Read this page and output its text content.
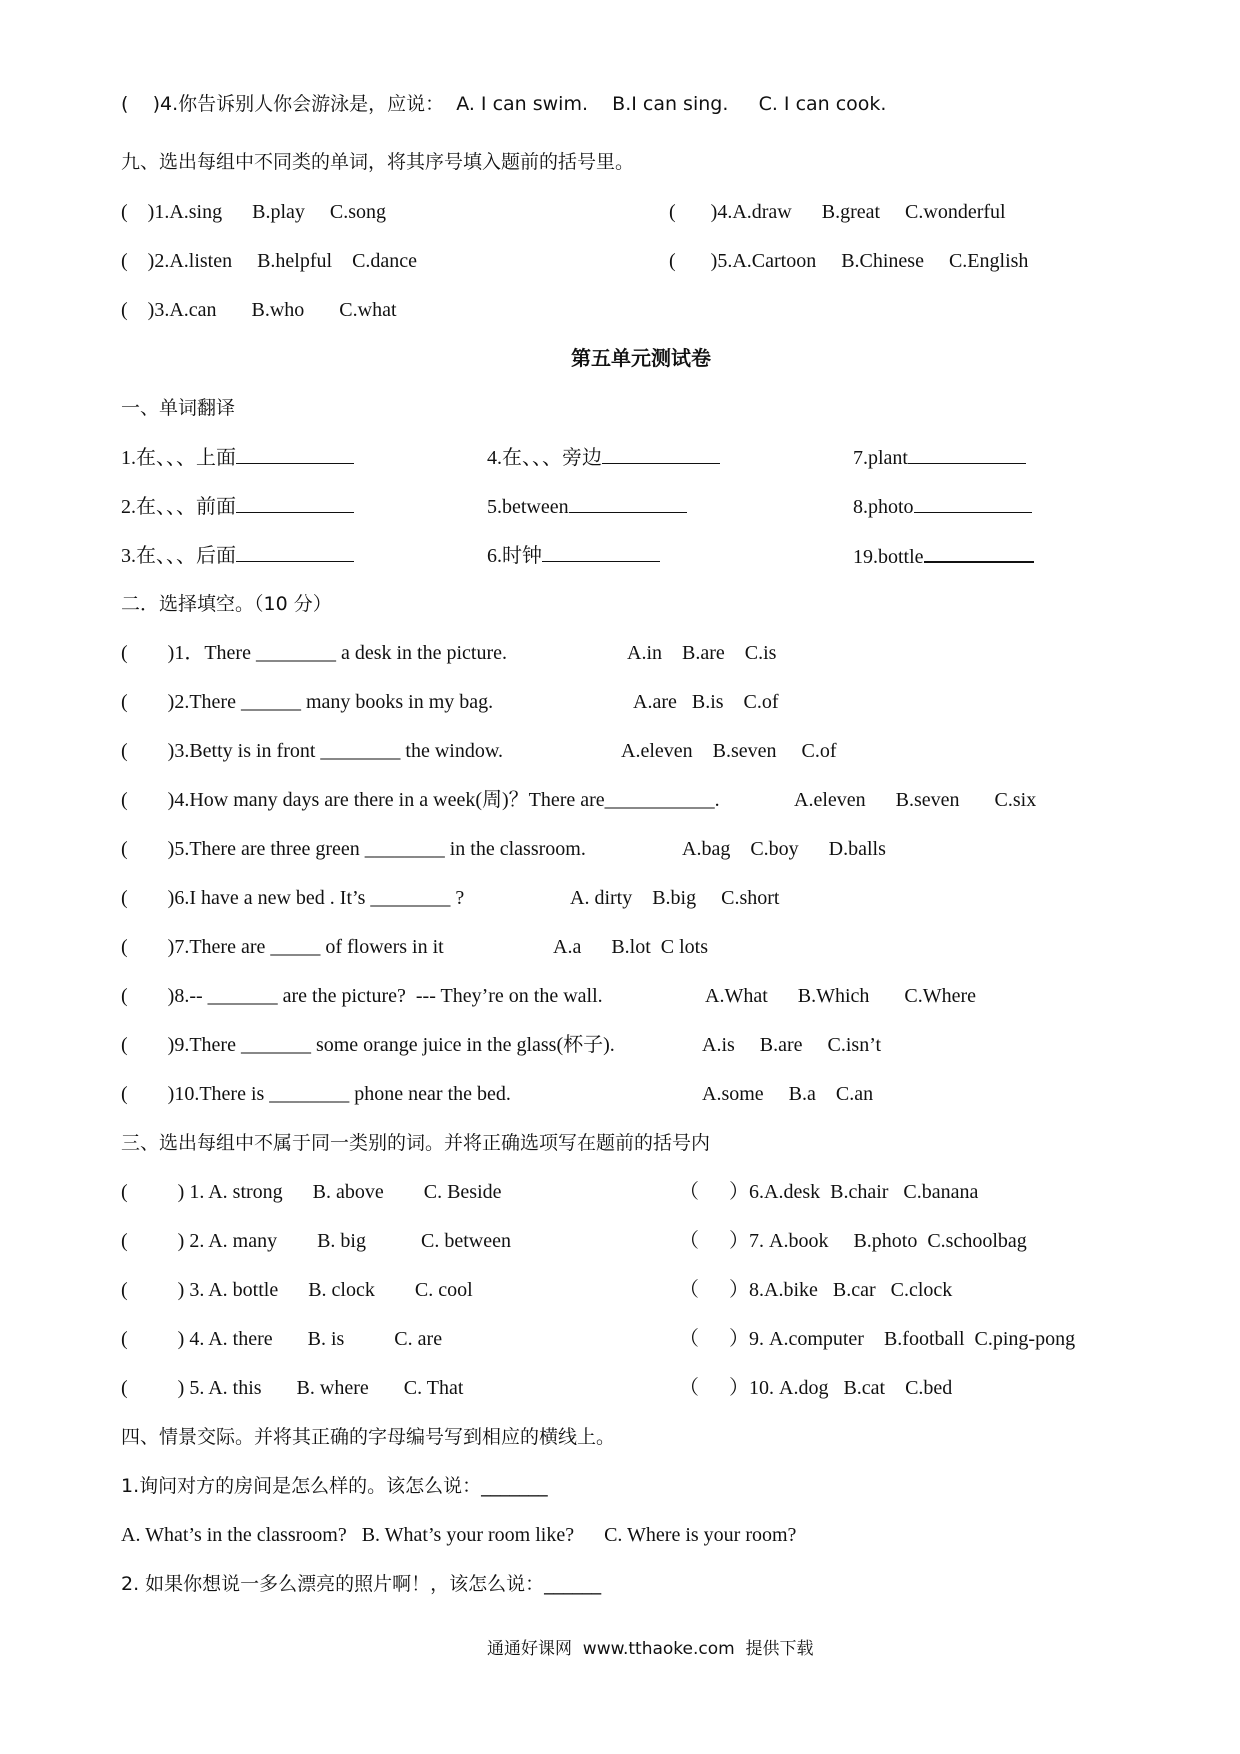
(    )4.你告诉别人你会游泳是，应说：  A. I can swim.    B.I can sing.     C. I can cook.
九、选出每组中不同类的单词，将其序号填入题前的括号里。
(    )1.A.sing      B.play     C.song
(    )2.A.listen     B.helpful    C.dance
(    )3.A.can       B.who       C.what
(       )4.A.draw      B.great     C.wonderful
(       )5.A.Cartoon     B.Chinese     C.English
第五单元测试卷
一、单词翻译
1.在、、、上面
2.在、、、前面
3.在、、、后面
4.在、、、旁边
5.between
6.时钟
7.plant
8.photo
19.bottle
二．选择填空。（10 分）
(        )1．There ________ a desk in the picture.	A.in    B.are    C.is
(        )2.There ______ many books in my bag.	A.are   B.is    C.of
(        )3.Betty is in front ________ the window.	A.eleven    B.seven     C.of
(        )4.How many days are there in a week(周)？There are___________.	A.eleven      B.seven       C.six
(        )5.There are three green ________ in the classroom.	A.bag    C.boy      D.balls
(        )6.I have a new bed . It’s ________ ?	A. dirty    B.big     C.short
(        )7.There are _____ of flowers in it	A.a      B.lot  C lots
(        )8.-- _______ are the picture?  --- They’re on the wall.	A.What      B.Which       C.Where
(        )9.There _______ some orange juice in the glass(杯子).	A.is     B.are     C.isn’t
(        )10.There is ________ phone near the bed.	A.some     B.a    C.an
三、选出每组中不属于同一类别的词。并将正确选项写在题前的括号内
(          ) 1. A. strong      B. above        C. Beside
(          ) 2. A. many        B. big           C. between
(          ) 3. A. bottle      B. clock        C. cool
(          ) 4. A. there       B. is          C. are
(          ) 5. A. this       B. where       C. That
（      ）6.A.desk  B.chair   C.banana
（      ）7. A.book     B.photo  C.schoolbag
（      ）8.A.bike   B.car   C.clock
（      ）9. A.computer    B.football  C.ping-pong
（      ）10. A.dog   B.cat    C.bed
四、情景交际。并将其正确的字母编号写到相应的横线上。
1.询问对方的房间是怎么样的。该怎么说：_______
A. What’s in the classroom?   B. What’s your room like?      C. Where is your room?
2. 如果你想说一多么漂亮的照片啊！，该怎么说：______
通通好课网  www.tthaoke.com  提供下载
